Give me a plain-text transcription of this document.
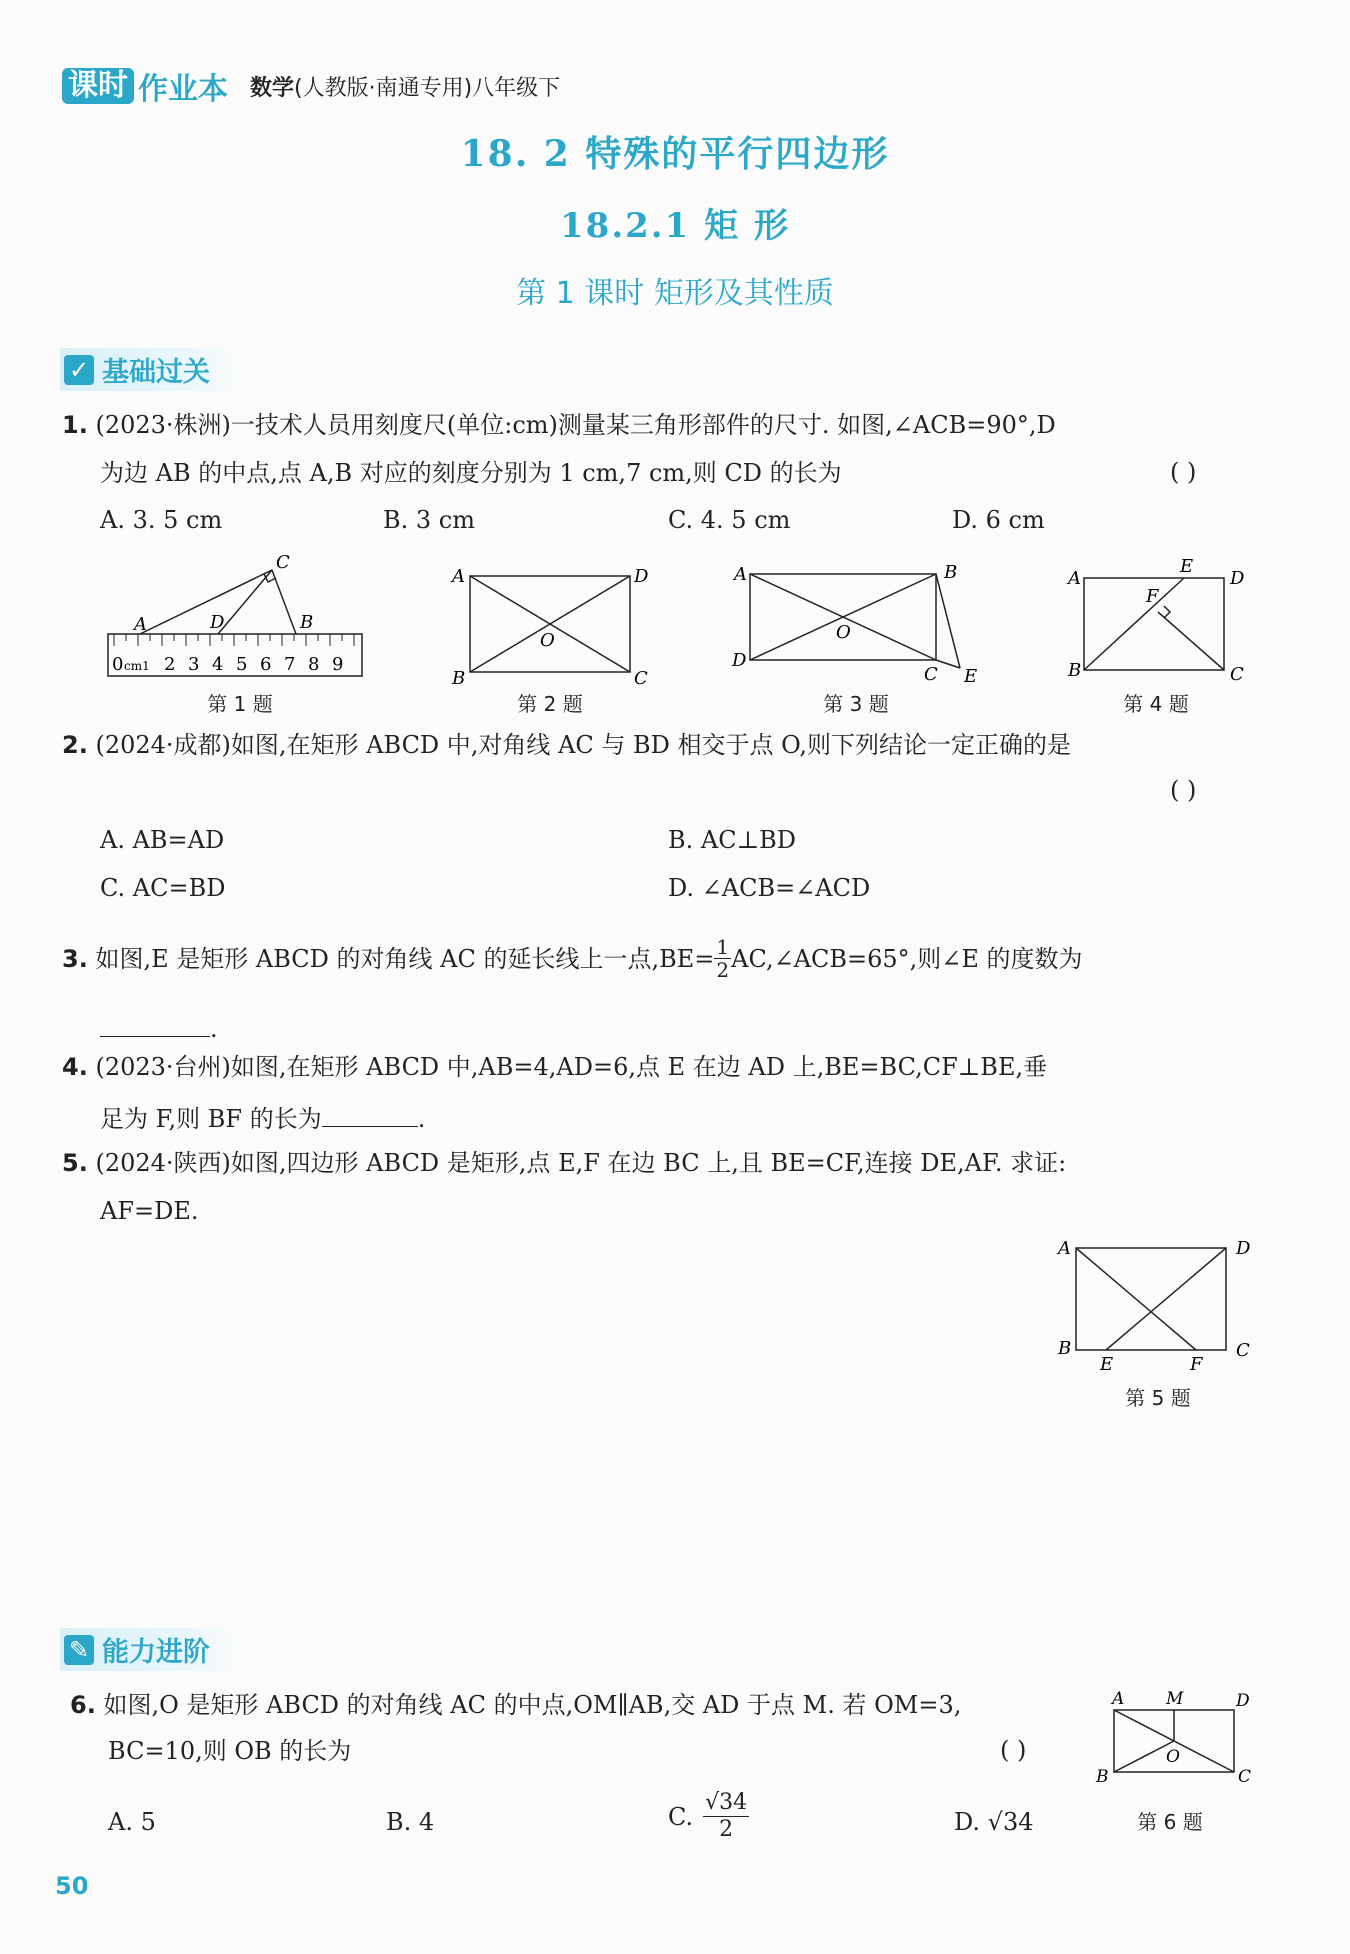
课时 作业本 数学(人教版·南通专用)八年级下
18. 2 特殊的平行四边形
18.2.1 矩 形
第 1 课时 矩形及其性质
✓ 基础过关
1. (2023·株洲)一技术人员用刻度尺(单位:cm)测量某三角形部件的尺寸. 如图,∠ACB=90°,D
为边 AB 的中点,点 A,B 对应的刻度分别为 1 cm,7 cm,则 CD 的长为	( )
A. 3. 5 cm	B. 3 cm	C. 4. 5 cm	D. 6 cm
A	D
C
B
0 cm1 2 3 4 5 6 7 8 9
第 1 题
A	D
B	C
O
第 2 题
A	B
D
C E
O
第 3 题
A
E
D
F
B	C
第 4 题
2. (2024·成都)如图,在矩形 ABCD 中,对角线 AC 与 BD 相交于点 O,则下列结论一定正确的是
( )
A. AB=AD	B. AC⊥BD
C. AC=BD	D. ∠ACB=∠ACD
3.
如图,E 是矩形 ABCD 的对角线 AC 的延长线上一点$,BE= \frac{1}{2}$ AC,∠ACB=65°,则∠E 的度数为
.
4. (2023·台州)如图,在矩形 ABCD 中,AB=4,AD=6,点 E 在边 AD 上,BE=BC,CF⊥BE,垂
足为 F,则 BF 的长为	.
5. (2024·陕西)如图,四边形 ABCD 是矩形,点 E,F 在边 BC 上,且 BE=CF,连接 DE,AF. 求证:
AF=DE.
A	D
B	C
E	F
第 5 题
✎ 能力进阶
6. 如图,O 是矩形 ABCD 的对角线 AC 的中点,OM∥AB,交 AD 于点 M. 若 OM=3,
BC=10,则 OB 的长为	( )
A. 5	B. 4	C. $\frac{√34}{2}$	D. √34
A M	D
B	C
O
第 6 题
50
